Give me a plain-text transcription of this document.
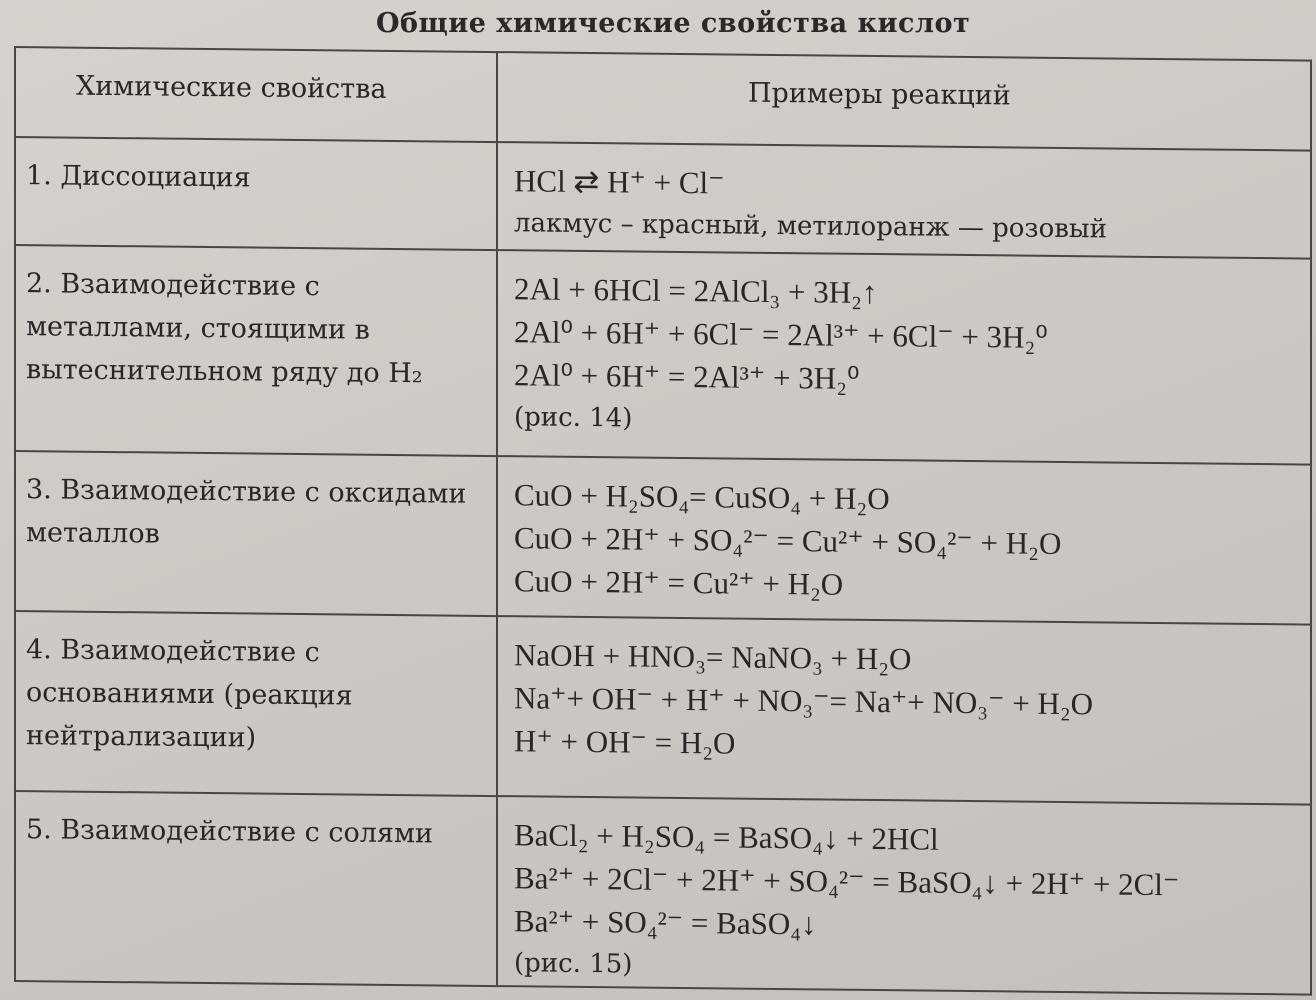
Общие химические свойства кислот
Химические свойства	Примеры реакций
1. Диссоциация	HCl ⇄ H⁺ + Cl⁻
лакмус – красный, метилоранж — розовый

2. Взаимодействие с металлами, стоящими в вытеснительном ряду до H₂	2Al + 6HCl = 2AlCl₃ + 3H₂↑
2Al⁰ + 6H⁺ + 6Cl⁻ = 2Al³⁺ + 6Cl⁻ + 3H₂⁰
2Al⁰ + 6H⁺ = 2Al³⁺ + 3H₂⁰
(рис. 14)

3. Взаимодействие с оксидами металлов	CuO + H₂SO₄= CuSO₄ + H₂O
CuO + 2H⁺ + SO₄²⁻ = Cu²⁺ + SO₄²⁻ + H₂O
CuO + 2H⁺ = Cu²⁺ + H₂O

4. Взаимодействие с основаниями (реакция нейтрализации)	NaOH + HNO₃= NaNO₃ + H₂O
Na⁺+ OH⁻ + H⁺ + NO₃⁻= Na⁺+ NO₃⁻ + H₂O
H⁺ + OH⁻ = H₂O

5. Взаимодействие с солями	BaCl₂ + H₂SO₄ = BaSO₄↓ + 2HCl
Ba²⁺ + 2Cl⁻ + 2H⁺ + SO₄²⁻ = BaSO₄↓ + 2H⁺ + 2Cl⁻
Ba²⁺ + SO₄²⁻ = BaSO₄↓
(рис. 15)
